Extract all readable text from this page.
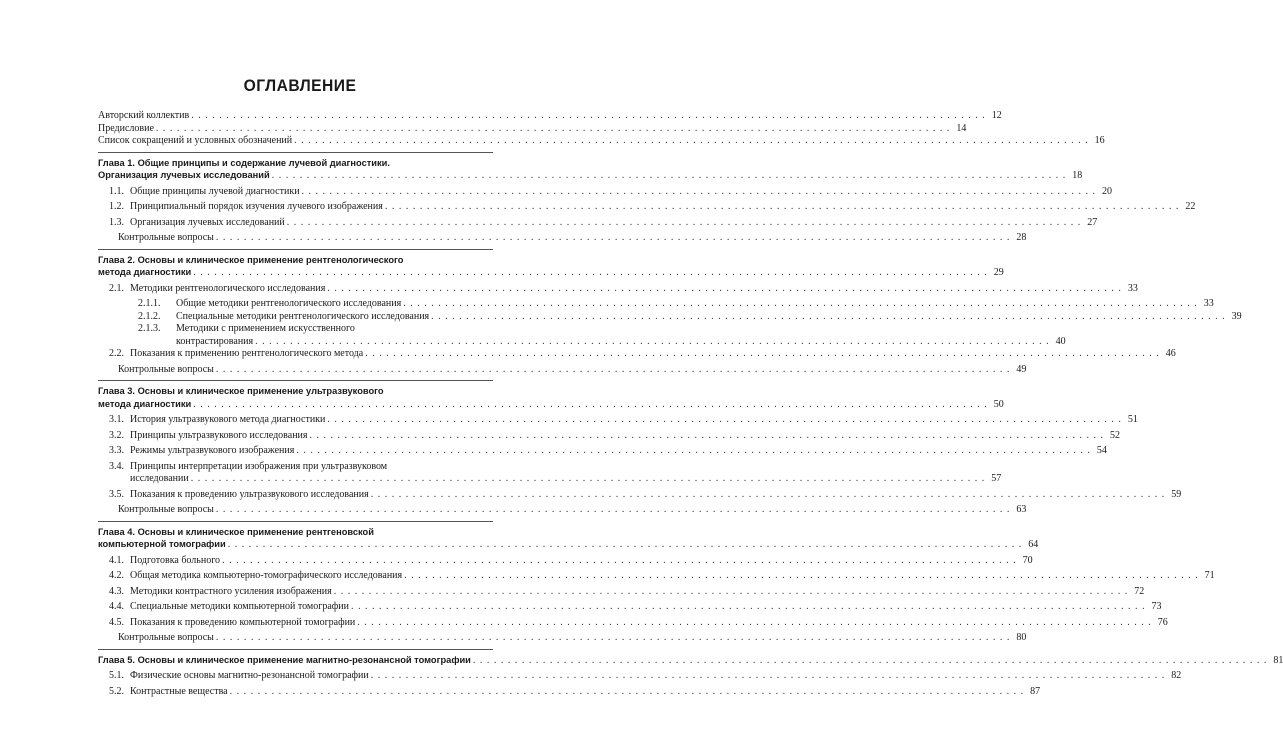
ОГЛАВЛЕНИЕ
Авторский коллектив . . . . . . . . . . . . . . . . . . . . . . . . . . . . . . . . . . . . . . . . . . . . . . . . . . . . . . . . . . . . . . . . . . . . . . . . . . . . . . . . . . . . . . . . . . . . . . . . . . . . . . . . . . . . . . . . . . 12
Предисловие . . . . . . . . . . . . . . . . . . . . . . . . . . . . . . . . . . . . . . . . . . . . . . . . . . . . . . . . . . . . . . . . . . . . . . . . . . . . . . . . . . . . . . . . . . . . . . . . . . . . . . . . . . . . . . . . . . 14
Список сокращений и условных обозначений . . . . . . . . . . . . . . . . . . . . . . . . . . . . . . . . . . . . . . . . . . . . . . . . . . . . . . . . . . . . . . . . . . . . . . . . . . . . . . . . . . . . . . . . . . . . . . . . . . . . . . . . . . . . . . . . . . 16
Глава 1. Общие принципы и содержание лучевой диагностики.
Организация лучевых исследований . . . . . . . . . . . . . . . . . . . . . . . . . . . . . . . . . . . . . . . . . . . . . . . . . . . . . . . . . . . . . . . . . . . . . . . . . . . . . . . . . . . . . . . . . . . . . . . . . . . . . . . . . . . . . . . . . . 18
1.1. Общие принципы лучевой диагностики . . . . . . . . . . . . . . . . . . . . . . . . . . . . . . . . . . . . . . . . . . . . . . . . . . . . . . . . . . . . . . . . . . . . . . . . . . . . . . . . . . . . . . . . . . . . . . . . . . . . . . . . . . . . . . . . . . 20
1.2. Принципиальный порядок изучения лучевого изображения . . . . . . . . . . . . . . . . . . . . . . . . . . . . . . . . . . . . . . . . . . . . . . . . . . . . . . . . . . . . . . . . . . . . . . . . . . . . . . . . . . . . . . . . . . . . . . . . . . . . . . . . . . . . . . . . . . 22
1.3. Организация лучевых исследований . . . . . . . . . . . . . . . . . . . . . . . . . . . . . . . . . . . . . . . . . . . . . . . . . . . . . . . . . . . . . . . . . . . . . . . . . . . . . . . . . . . . . . . . . . . . . . . . . . . . . . . . . . . . . . . . . . 27
Контрольные вопросы . . . . . . . . . . . . . . . . . . . . . . . . . . . . . . . . . . . . . . . . . . . . . . . . . . . . . . . . . . . . . . . . . . . . . . . . . . . . . . . . . . . . . . . . . . . . . . . . . . . . . . . . . . . . . . . . . . 28
Глава 2. Основы и клиническое применение рентгенологического
метода диагностики . . . . . . . . . . . . . . . . . . . . . . . . . . . . . . . . . . . . . . . . . . . . . . . . . . . . . . . . . . . . . . . . . . . . . . . . . . . . . . . . . . . . . . . . . . . . . . . . . . . . . . . . . . . . . . . . . . 29
2.1. Методики рентгенологического исследования . . . . . . . . . . . . . . . . . . . . . . . . . . . . . . . . . . . . . . . . . . . . . . . . . . . . . . . . . . . . . . . . . . . . . . . . . . . . . . . . . . . . . . . . . . . . . . . . . . . . . . . . . . . . . . . . . . 33
2.1.1.	Общие методики рентгенологического исследования . . . . . . . . . . . . . . . . . . . . . . . . . . . . . . . . . . . . . . . . . . . . . . . . . . . . . . . . . . . . . . . . . . . . . . . . . . . . . . . . . . . . . . . . . . . . . . . . . . . . . . . . . . . . . . . . . . 33
2.1.2.	Специальные методики рентгенологического исследования . . . . . . . . . . . . . . . . . . . . . . . . . . . . . . . . . . . . . . . . . . . . . . . . . . . . . . . . . . . . . . . . . . . . . . . . . . . . . . . . . . . . . . . . . . . . . . . . . . . . . . . . . . . . . . . . . . 39
2.1.3.	Методики с применением искусственного
контрастирования . . . . . . . . . . . . . . . . . . . . . . . . . . . . . . . . . . . . . . . . . . . . . . . . . . . . . . . . . . . . . . . . . . . . . . . . . . . . . . . . . . . . . . . . . . . . . . . . . . . . . . . . . . . . . . . . . . 40
2.2. Показания к применению рентгенологического метода . . . . . . . . . . . . . . . . . . . . . . . . . . . . . . . . . . . . . . . . . . . . . . . . . . . . . . . . . . . . . . . . . . . . . . . . . . . . . . . . . . . . . . . . . . . . . . . . . . . . . . . . . . . . . . . . . . 46
Контрольные вопросы . . . . . . . . . . . . . . . . . . . . . . . . . . . . . . . . . . . . . . . . . . . . . . . . . . . . . . . . . . . . . . . . . . . . . . . . . . . . . . . . . . . . . . . . . . . . . . . . . . . . . . . . . . . . . . . . . . 49
Глава 3. Основы и клиническое применение ультразвукового
метода диагностики . . . . . . . . . . . . . . . . . . . . . . . . . . . . . . . . . . . . . . . . . . . . . . . . . . . . . . . . . . . . . . . . . . . . . . . . . . . . . . . . . . . . . . . . . . . . . . . . . . . . . . . . . . . . . . . . . . 50
3.1. История ультразвукового метода диагностики . . . . . . . . . . . . . . . . . . . . . . . . . . . . . . . . . . . . . . . . . . . . . . . . . . . . . . . . . . . . . . . . . . . . . . . . . . . . . . . . . . . . . . . . . . . . . . . . . . . . . . . . . . . . . . . . . . 51
3.2. Принципы ультразвукового исследования . . . . . . . . . . . . . . . . . . . . . . . . . . . . . . . . . . . . . . . . . . . . . . . . . . . . . . . . . . . . . . . . . . . . . . . . . . . . . . . . . . . . . . . . . . . . . . . . . . . . . . . . . . . . . . . . . . 52
3.3. Режимы ультразвукового изображения . . . . . . . . . . . . . . . . . . . . . . . . . . . . . . . . . . . . . . . . . . . . . . . . . . . . . . . . . . . . . . . . . . . . . . . . . . . . . . . . . . . . . . . . . . . . . . . . . . . . . . . . . . . . . . . . . . 54
3.4. Принципы интерпретации изображения при ультразвуковом
исследовании . . . . . . . . . . . . . . . . . . . . . . . . . . . . . . . . . . . . . . . . . . . . . . . . . . . . . . . . . . . . . . . . . . . . . . . . . . . . . . . . . . . . . . . . . . . . . . . . . . . . . . . . . . . . . . . . . . 57
3.5. Показания к проведению ультразвукового исследования . . . . . . . . . . . . . . . . . . . . . . . . . . . . . . . . . . . . . . . . . . . . . . . . . . . . . . . . . . . . . . . . . . . . . . . . . . . . . . . . . . . . . . . . . . . . . . . . . . . . . . . . . . . . . . . . . . 59
Контрольные вопросы . . . . . . . . . . . . . . . . . . . . . . . . . . . . . . . . . . . . . . . . . . . . . . . . . . . . . . . . . . . . . . . . . . . . . . . . . . . . . . . . . . . . . . . . . . . . . . . . . . . . . . . . . . . . . . . . . . 63
Глава 4. Основы и клиническое применение рентгеновской
компьютерной томографии . . . . . . . . . . . . . . . . . . . . . . . . . . . . . . . . . . . . . . . . . . . . . . . . . . . . . . . . . . . . . . . . . . . . . . . . . . . . . . . . . . . . . . . . . . . . . . . . . . . . . . . . . . . . . . . . . . 64
4.1. Подготовка больного . . . . . . . . . . . . . . . . . . . . . . . . . . . . . . . . . . . . . . . . . . . . . . . . . . . . . . . . . . . . . . . . . . . . . . . . . . . . . . . . . . . . . . . . . . . . . . . . . . . . . . . . . . . . . . . . . . 70
4.2. Общая методика компьютерно-томографического исследования . . . . . . . . . . . . . . . . . . . . . . . . . . . . . . . . . . . . . . . . . . . . . . . . . . . . . . . . . . . . . . . . . . . . . . . . . . . . . . . . . . . . . . . . . . . . . . . . . . . . . . . . . . . . . . . . . . 71
4.3. Методики контрастного усиления изображения . . . . . . . . . . . . . . . . . . . . . . . . . . . . . . . . . . . . . . . . . . . . . . . . . . . . . . . . . . . . . . . . . . . . . . . . . . . . . . . . . . . . . . . . . . . . . . . . . . . . . . . . . . . . . . . . . . 72
4.4. Специальные методики компьютерной томографии . . . . . . . . . . . . . . . . . . . . . . . . . . . . . . . . . . . . . . . . . . . . . . . . . . . . . . . . . . . . . . . . . . . . . . . . . . . . . . . . . . . . . . . . . . . . . . . . . . . . . . . . . . . . . . . . . . 73
4.5. Показания к проведению компьютерной томографии . . . . . . . . . . . . . . . . . . . . . . . . . . . . . . . . . . . . . . . . . . . . . . . . . . . . . . . . . . . . . . . . . . . . . . . . . . . . . . . . . . . . . . . . . . . . . . . . . . . . . . . . . . . . . . . . . . 76
Контрольные вопросы . . . . . . . . . . . . . . . . . . . . . . . . . . . . . . . . . . . . . . . . . . . . . . . . . . . . . . . . . . . . . . . . . . . . . . . . . . . . . . . . . . . . . . . . . . . . . . . . . . . . . . . . . . . . . . . . . . 80
Глава 5. Основы и клиническое применение магнитно-резонансной томографии . . . . . . . . . . . . . . . . . . . . . . . . . . . . . . . . . . . . . . . . . . . . . . . . . . . . . . . . . . . . . . . . . . . . . . . . . . . . . . . . . . . . . . . . . . . . . . . . . . . . . . . . . . . . . . . . . . 81
5.1. Физические основы магнитно-резонансной томографии . . . . . . . . . . . . . . . . . . . . . . . . . . . . . . . . . . . . . . . . . . . . . . . . . . . . . . . . . . . . . . . . . . . . . . . . . . . . . . . . . . . . . . . . . . . . . . . . . . . . . . . . . . . . . . . . . . 82
5.2. Контрастные вещества . . . . . . . . . . . . . . . . . . . . . . . . . . . . . . . . . . . . . . . . . . . . . . . . . . . . . . . . . . . . . . . . . . . . . . . . . . . . . . . . . . . . . . . . . . . . . . . . . . . . . . . . . . . . . . . . . . 87
